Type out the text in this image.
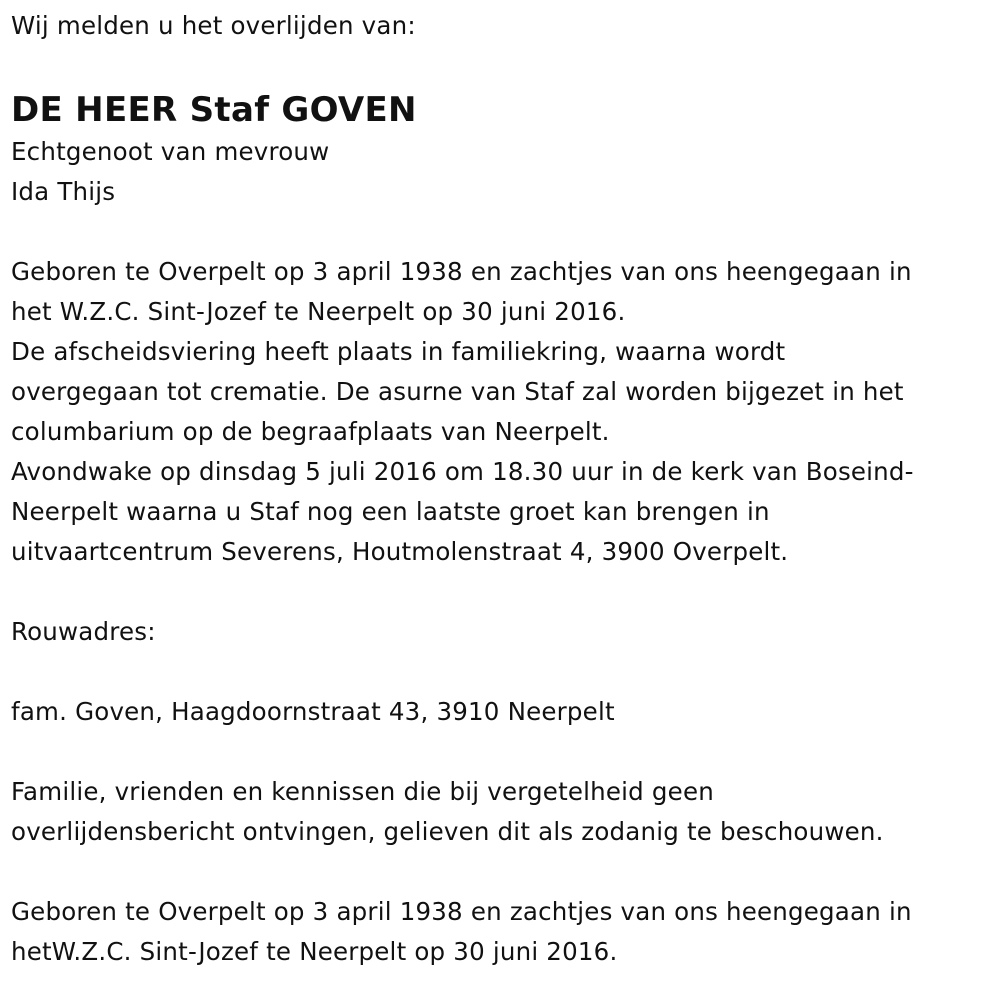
Wij melden u het overlijden van:
DE HEER Staf GOVEN
Echtgenoot van mevrouw
Ida Thijs
Geboren te Overpelt op 3 april 1938 en zachtjes van ons heengegaan in
het W.Z.C. Sint-Jozef te Neerpelt op 30 juni 2016.
De afscheidsviering heeft plaats in familiekring, waarna wordt
overgegaan tot crematie. De asurne van Staf zal worden bijgezet in het
columbarium op de begraafplaats van Neerpelt.
Avondwake op dinsdag 5 juli 2016 om 18.30 uur in de kerk van Boseind-
Neerpelt waarna u Staf nog een laatste groet kan brengen in
uitvaartcentrum Severens, Houtmolenstraat 4, 3900 Overpelt.
Rouwadres:
fam. Goven, Haagdoornstraat 43, 3910 Neerpelt
Familie, vrienden en kennissen die bij vergetelheid geen
overlijdensbericht ontvingen, gelieven dit als zodanig te beschouwen.
Geboren te Overpelt op 3 april 1938 en zachtjes van ons heengegaan in
hetW.Z.C. Sint-Jozef te Neerpelt op 30 juni 2016.
